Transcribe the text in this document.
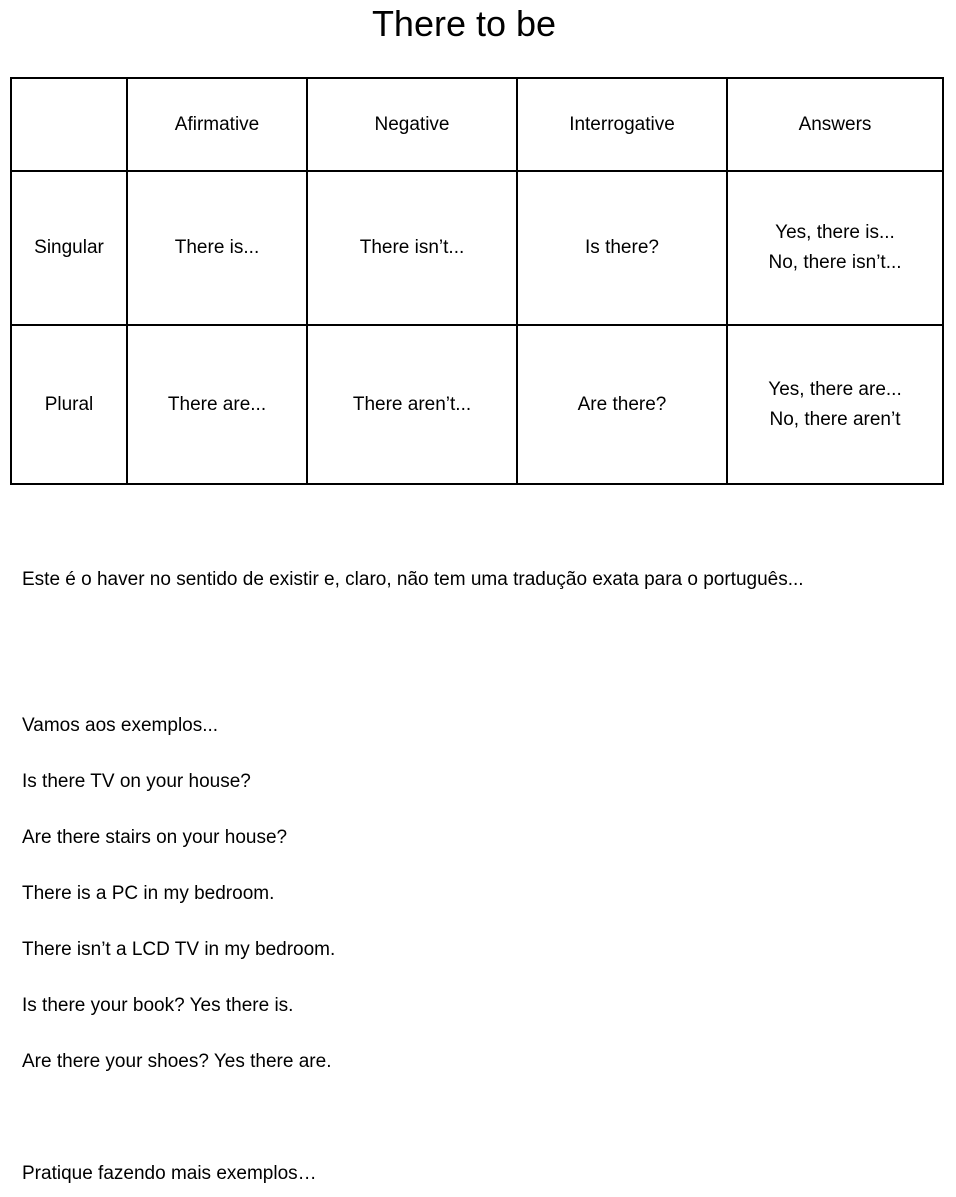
There to be
	Afirmative	Negative	Interrogative	Answers
Singular	There is...	There isn’t...	Is there?	Yes, there is...
No, there isn’t...

Plural	There are...	There aren’t...	Are there?	Yes, there are...
No, there aren’t

Este é o haver no sentido de existir e, claro, não tem uma tradução exata para o português...

Vamos aos exemplos...

Is there TV on your house?

Are there stairs on your house?

There is a PC in my bedroom.

There isn’t a LCD TV in my bedroom.

Is there your book? Yes there is.

Are there your shoes? Yes there are.

Pratique fazendo mais exemplos…
